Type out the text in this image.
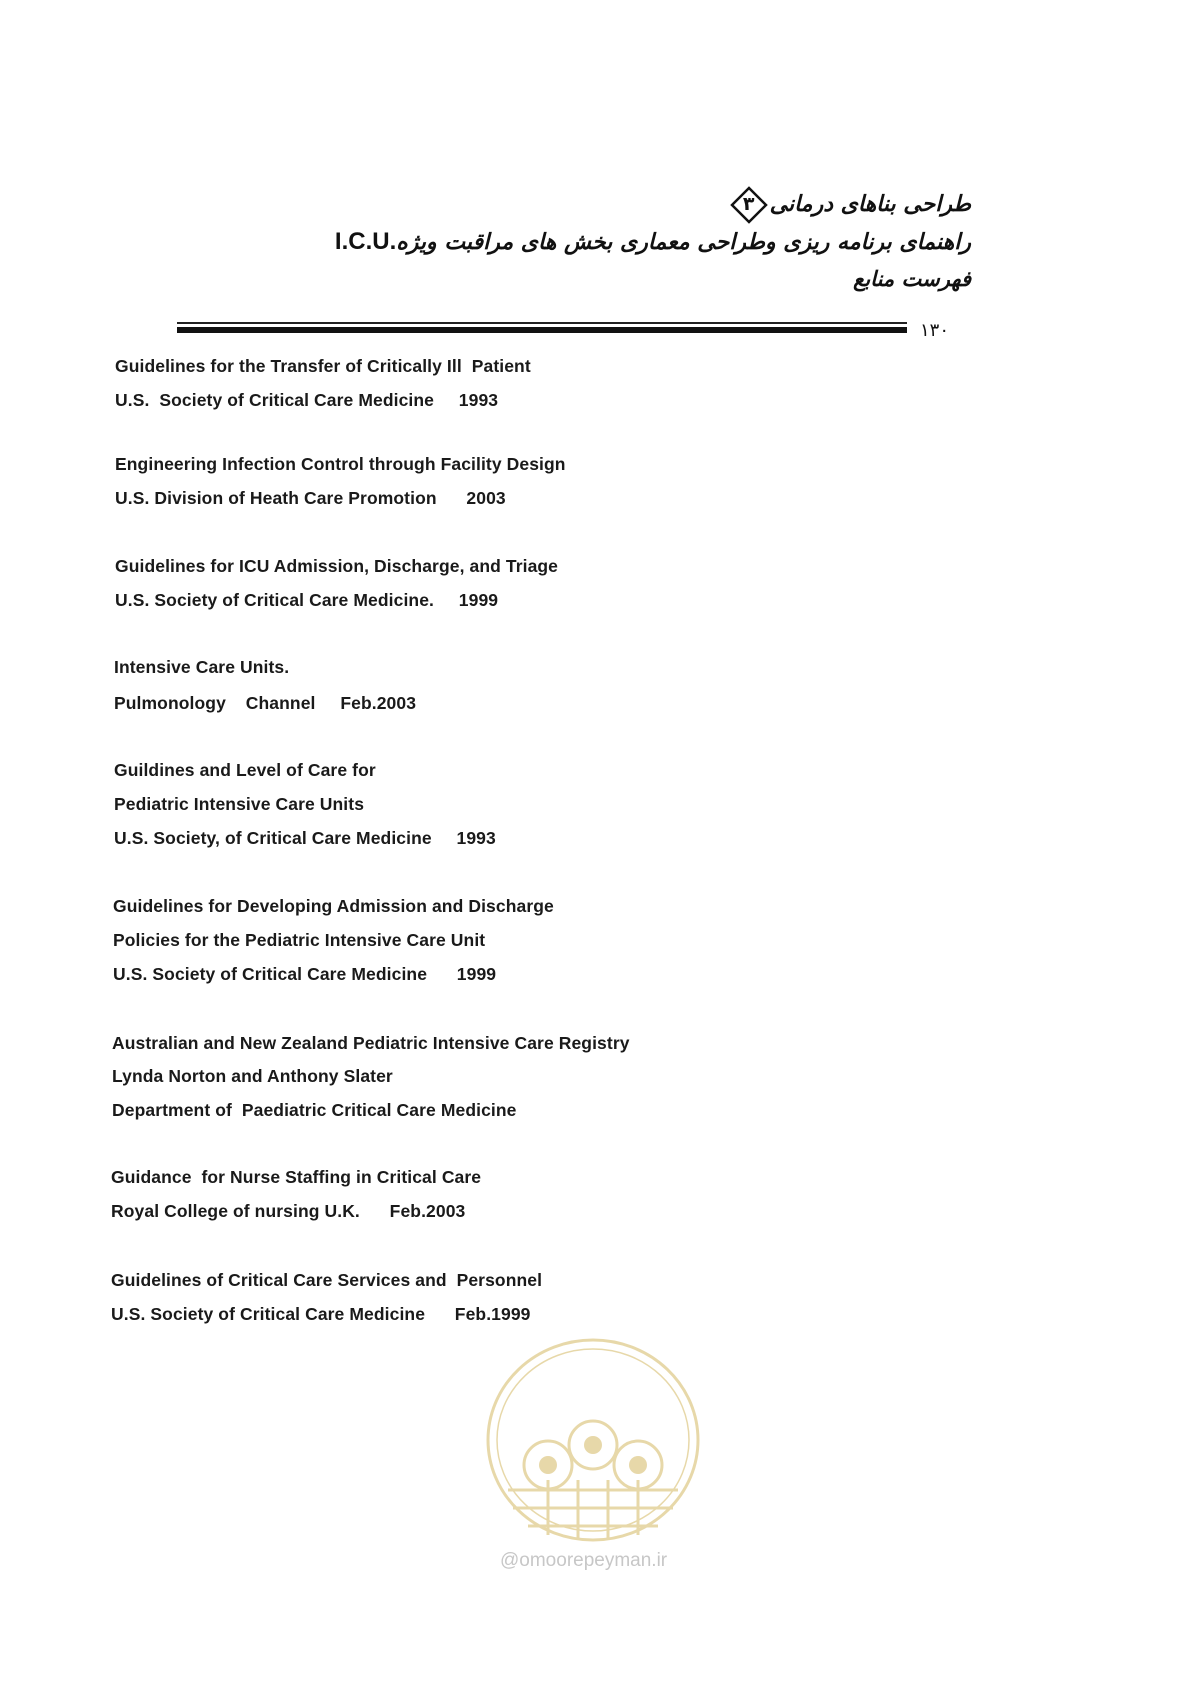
طراحی بناهای درمانی
۳
راهنمای برنامه ریزی وطراحی معماری بخش های مراقبت ویژهI.C.U.
فهرست منابع
۱۳۰
Guidelines for the Transfer of Critically Ill  Patient
U.S.  Society of Critical Care Medicine     1993
Engineering Infection Control through Facility Design
U.S. Division of Heath Care Promotion      2003
Guidelines for ICU Admission, Discharge, and Triage
U.S. Society of Critical Care Medicine.     1999
Intensive Care Units.
Pulmonology    Channel     Feb.2003
Guildines and Level of Care for
Pediatric Intensive Care Units
U.S. Society, of Critical Care Medicine     1993
Guidelines for Developing Admission and Discharge
Policies for the Pediatric Intensive Care Unit
U.S. Society of Critical Care Medicine      1999
Australian and New Zealand Pediatric Intensive Care Registry
Lynda Norton and Anthony Slater
Department of  Paediatric Critical Care Medicine
Guidance  for Nurse Staffing in Critical Care
Royal College of nursing U.K.      Feb.2003
Guidelines of Critical Care Services and  Personnel
U.S. Society of Critical Care Medicine      Feb.1999
@omoorepeyman.ir
